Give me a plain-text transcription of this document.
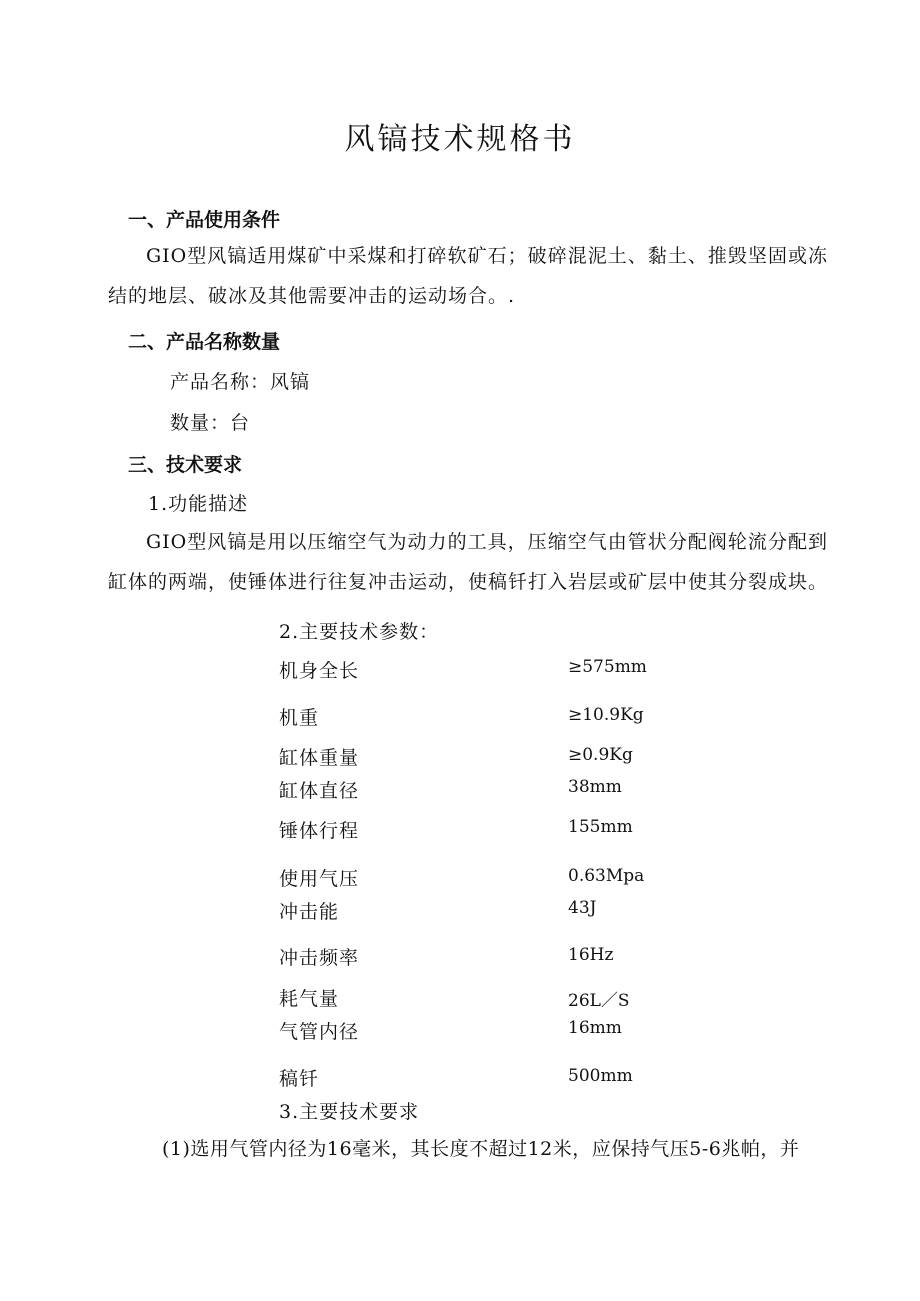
风镐技术规格书
一、产品使用条件
GIO型风镐适用煤矿中采煤和打碎软矿石；破碎混泥土、黏土、推毁坚固或冻结的地层、破冰及其他需要冲击的运动场合。.
二、产品名称数量
产品名称：风镐
数量：台
三、技术要求
1.功能描述
GIO型风镐是用以压缩空气为动力的工具，压缩空气由管状分配阀轮流分配到缸体的两端，使锤体进行往复冲击运动，使稿钎打入岩层或矿层中使其分裂成块。
2.主要技术参数：
机身全长	≥575mm
机重	≥10.9Kg
缸体重量	≥0.9Kg
缸体直径	38mm
锤体行程	155mm
使用气压	0.63Mpa
冲击能	43J
冲击频率	16Hz
耗气量	26L／S
气管内径	16mm
稿钎	500mm
3.主要技术要求
(1)选用气管内径为16毫米，其长度不超过12米，应保持气压5-6兆帕，并
